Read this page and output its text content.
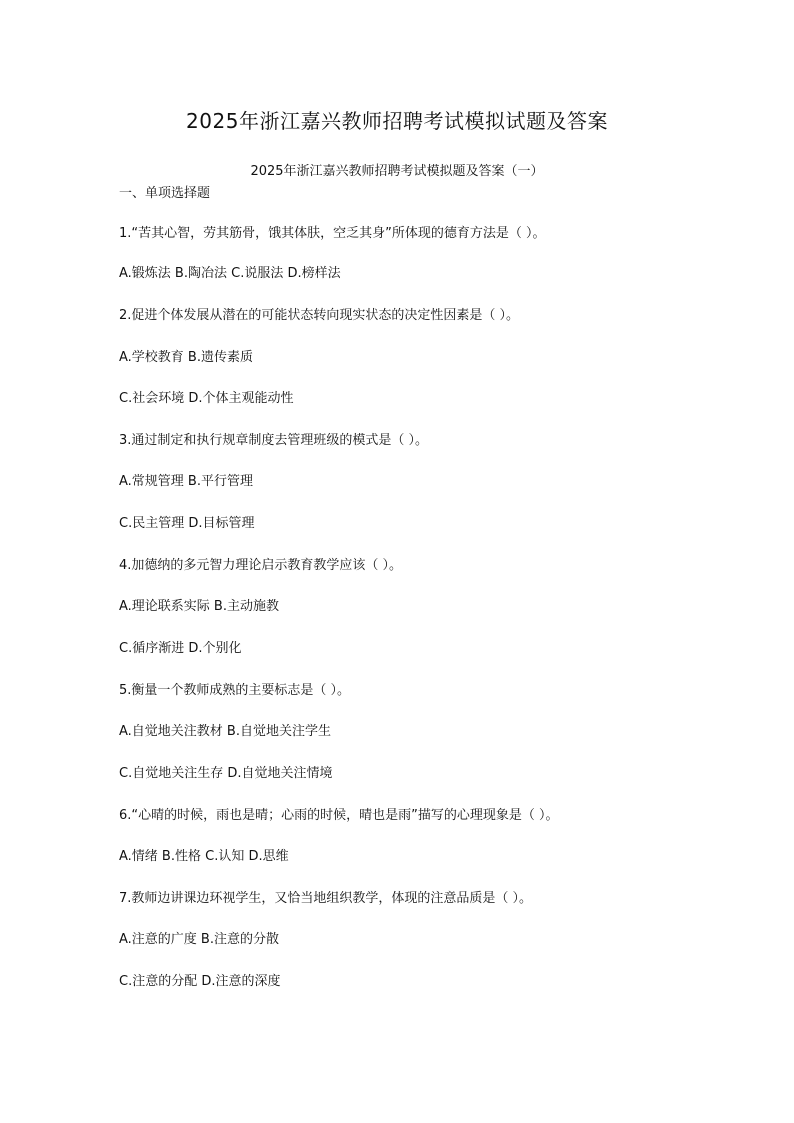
2025年浙江嘉兴教师招聘考试模拟试题及答案
2025年浙江嘉兴教师招聘考试模拟题及答案（一）
一、单项选择题
1.“苦其心智，劳其筋骨，饿其体肤，空乏其身”所体现的德育方法是（ ）。
A.锻炼法 B.陶冶法 C.说服法 D.榜样法
2.促进个体发展从潜在的可能状态转向现实状态的决定性因素是（ ）。
A.学校教育 B.遗传素质
C.社会环境 D.个体主观能动性
3.通过制定和执行规章制度去管理班级的模式是（ ）。
A.常规管理 B.平行管理
C.民主管理 D.目标管理
4.加德纳的多元智力理论启示教育教学应该（ ）。
A.理论联系实际 B.主动施教
C.循序渐进 D.个别化
5.衡量一个教师成熟的主要标志是（ ）。
A.自觉地关注教材 B.自觉地关注学生
C.自觉地关注生存 D.自觉地关注情境
6.“心晴的时候，雨也是晴；心雨的时候，晴也是雨”描写的心理现象是（ ）。
A.情绪 B.性格 C.认知 D.思维
7.教师边讲课边环视学生，又恰当地组织教学，体现的注意品质是（ ）。
A.注意的广度 B.注意的分散
C.注意的分配 D.注意的深度
